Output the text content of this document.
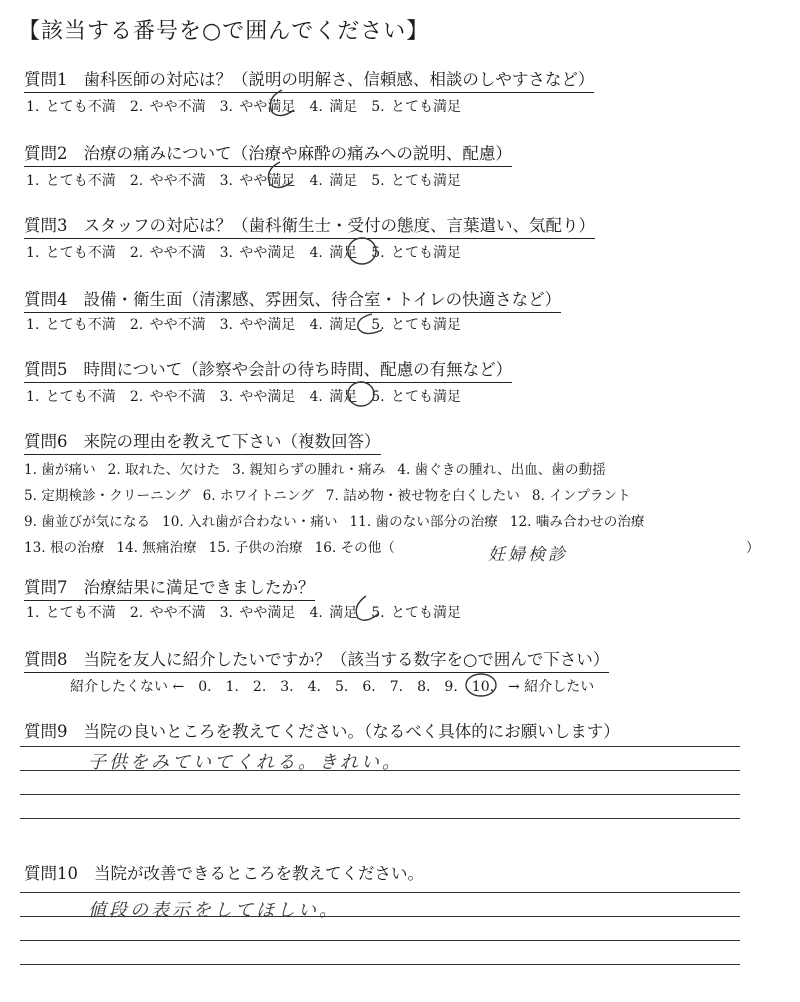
【該当する番号を○で囲んでください】
質問1 歯科医師の対応は？（説明の明解さ、信頼感、相談のしやすさなど）
1. とても不満 2. やや不満 3. やや満足 4. 満足 5. とても満足
質問2 治療の痛みについて（治療や麻酔の痛みへの説明、配慮）
1. とても不満 2. やや不満 3. やや満足 4. 満足 5. とても満足
質問3 スタッフの対応は？（歯科衛生士・受付の態度、言葉遣い、気配り）
1. とても不満 2. やや不満 3. やや満足 4. 満足 5. とても満足
質問4 設備・衛生面（清潔感、雰囲気、待合室・トイレの快適さなど）
1. とても不満 2. やや不満 3. やや満足 4. 満足 5. とても満足
質問5 時間について（診察や会計の待ち時間、配慮の有無など）
1. とても不満 2. やや不満 3. やや満足 4. 満足 5. とても満足
質問6 来院の理由を教えて下さい（複数回答）
1. 歯が痛い 2. 取れた、欠けた 3. 親知らずの腫れ・痛み 4. 歯ぐきの腫れ、出血、歯の動揺
5. 定期検診・クリーニング 6. ホワイトニング 7. 詰め物・被せ物を白くしたい 8. インプラント
9. 歯並びが気になる 10. 入れ歯が合わない・痛い 11. 歯のない部分の治療 12. 噛み合わせの治療
13. 根の治療 14. 無痛治療 15. 子供の治療 16. その他（	妊婦検診	）
質問7 治療結果に満足できましたか？
1. とても不満 2. やや不満 3. やや満足 4. 満足 5. とても満足
質問8 当院を友人に紹介したいですか？（該当する数字を○で囲んで下さい）
紹介したくない ← 0. 1. 2. 3. 4. 5. 6. 7. 8. 9. 10. → 紹介したい
質問9 当院の良いところを教えてください。（なるべく具体的にお願いします）
子供をみていてくれる。きれい。
質問10 当院が改善できるところを教えてください。
値段の表示をしてほしい。
